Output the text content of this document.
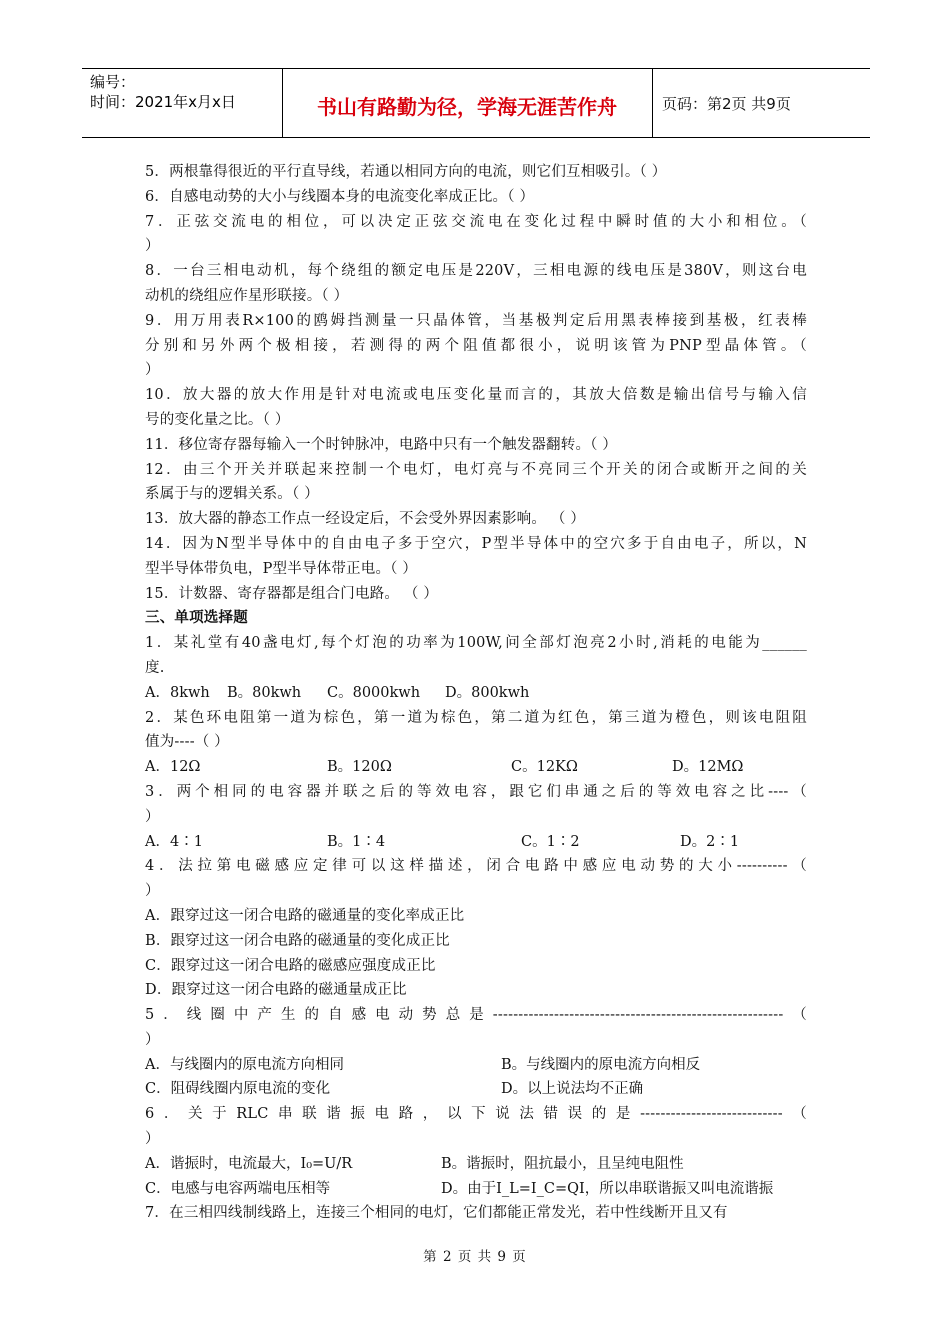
编号：
时间：2021年x月x日	书山有路勤为径，学海无涯苦作舟	页码：第2页 共9页
5．两根靠得很近的平行直导线，若通以相同方向的电流，则它们互相吸引。（ ）
6．自感电动势的大小与线圈本身的电流变化率成正比。（ ）
7．正弦交流电的相位，可以决定正弦交流电在变化过程中瞬时值的大小和相位。（
）
8．一台三相电动机，每个绕组的额定电压是220V，三相电源的线电压是380V，则这台电
动机的绕组应作星形联接。（ ）
9．用万用表R×100的鸥姆挡测量一只晶体管，当基极判定后用黑表棒接到基极，红表棒
分别和另外两个极相接，若测得的两个阻值都很小，说明该管为PNP型晶体管。（
）
10．放大器的放大作用是针对电流或电压变化量而言的，其放大倍数是输出信号与输入信
号的变化量之比。（ ）
11．移位寄存器每输入一个时钟脉冲，电路中只有一个触发器翻转。（ ）
12．由三个开关并联起来控制一个电灯，电灯亮与不亮同三个开关的闭合或断开之间的关
系属于与的逻辑关系。（ ）
13．放大器的静态工作点一经设定后，不会受外界因素影响。 （ ）
14．因为N型半导体中的自由电子多于空穴，P型半导体中的空穴多于自由电子，所以，N
型半导体带负电，P型半导体带正电。（ ）
15．计数器、寄存器都是组合门电路。 （ ）
三、单项选择题
1．某礼堂有40盏电灯,每个灯泡的功率为100W,问全部灯泡亮2小时,消耗的电能为______
度.
A．8kwh B。80kwh C。8000kwh D。800kwh
2．某色环电阻第一道为棕色，第一道为棕色，第二道为红色，第三道为橙色，则该电阻阻
值为----（ ）
A．12Ω	B。120Ω	C。12KΩ	D。12MΩ
3．两个相同的电容器并联之后的等效电容，跟它们串通之后的等效电容之比----（
）
A．4∶1	B。1∶4	C。1∶2	D。2∶1
4．法拉第电磁感应定律可以这样描述，闭合电路中感应电动势的大小----------（
）
A．跟穿过这一闭合电路的磁通量的变化率成正比
B．跟穿过这一闭合电路的磁通量的变化成正比
C．跟穿过这一闭合电路的磁感应强度成正比
D．跟穿过这一闭合电路的磁通量成正比
5．线圈中产生的自感电动势总是---------------------------------------------------------（
）
A．与线圈内的原电流方向相同	B。与线圈内的原电流方向相反
C．阻碍线圈内原电流的变化	D。以上说法均不正确
6．关于RLC串联谐振电路，以下说法错误的是----------------------------（
）
A．谐振时，电流最大，I₀=U/R	B。谐振时，阻抗最小，且呈纯电阻性
C．电感与电容两端电压相等	D。由于I_L=I_C=QI，所以串联谐振又叫电流谐振
7．在三相四线制线路上，连接三个相同的电灯，它们都能正常发光，若中性线断开且又有
第 2 页 共 9 页
